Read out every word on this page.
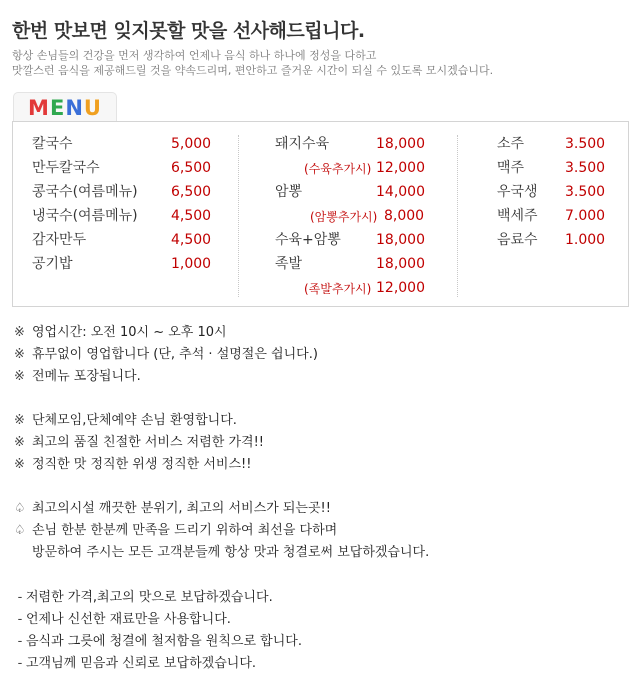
한번 맛보면 잊지못할 맛을 선사해드립니다.
항상 손님들의 건강을 먼저 생각하여 언제나 음식 하나 하나에 정성을 다하고
맛깔스런 음식을 제공해드릴 것을 약속드리며, 편안하고 즐거운 시간이 되실 수 있도록 모시겠습니다.
MENU
칼국수	5,000
만두칼국수	6,500
콩국수(여름메뉴) 6,500
냉국수(여름메뉴) 4,500
감자만두	4,500
공기밥	1,000
돼지수육	18,000
(수육추가시) 12,000
암뽕	14,000
(암뽕추가시) 8,000
수육+암뽕	18,000
족발	18,000
(족발추가시) 12,000
소주	3.500
맥주	3.500
우국생 3.500
백세주 7.000
음료수 1.000
※ 영업시간: 오전 10시 ~ 오후 10시
※ 휴무없이 영업합니다 (단, 추석 · 설명절은 쉽니다.)
※ 전메뉴 포장됩니다.
※ 단체모임,단체예약 손님 환영합니다.
※ 최고의 품질 친절한 서비스 저렴한 가격!!
※ 정직한 맛 정직한 위생 정직한 서비스!!
♤ 최고의시설 깨끗한 분위기, 최고의 서비스가 되는곳!!
♤ 손님 한분 한분께 만족을 드리기 위하여 최선을 다하며
방문하여 주시는 모든 고객분들께 항상 맛과 청결로써 보답하겠습니다.
- 저렴한 가격,최고의 맛으로 보답하겠습니다.
- 언제나 신선한 재료만을 사용합니다.
- 음식과 그릇에 청결에 철저함을 원칙으로 합니다.
- 고객님께 믿음과 신뢰로 보답하겠습니다.
